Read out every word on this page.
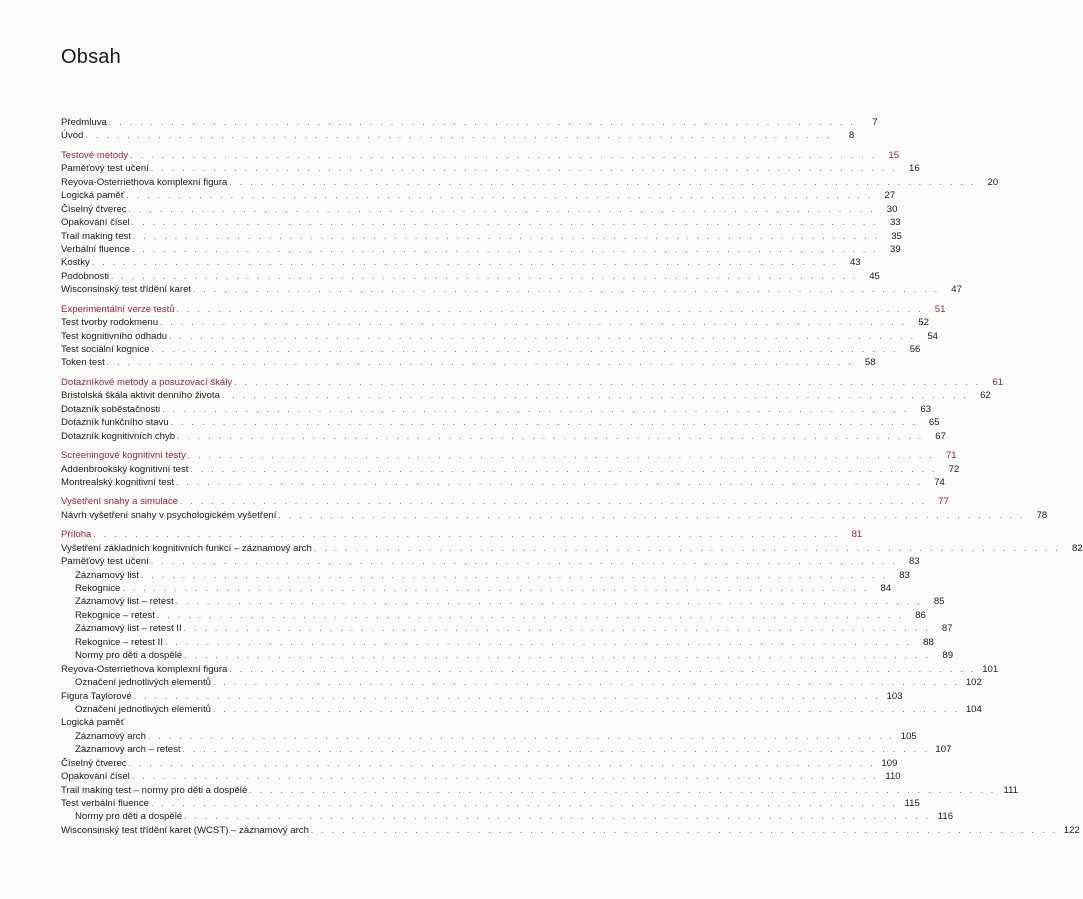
Obsah
Předmluva . . . . . . . . . . . . . . . . . . . . . . . . . . . . . . . . . . . . . . . . . . . . . . . . . . . . . . . . . . . . . . . . . . . . . . . .	7
Úvod . . . . . . . . . . . . . . . . . . . . . . . . . . . . . . . . . . . . . . . . . . . . . . . . . . . . . . . . . . . . . . . . . . . . . . . .	8
Testové metody . . . . . . . . . . . . . . . . . . . . . . . . . . . . . . . . . . . . . . . . . . . . . . . . . . . . . . . . . . . . . . . . . . . . . . . .	15
Paměťový test učení . . . . . . . . . . . . . . . . . . . . . . . . . . . . . . . . . . . . . . . . . . . . . . . . . . . . . . . . . . . . . . . . . . . . . . . .	16
Reyova-Osterriethova komplexní figura . . . . . . . . . . . . . . . . . . . . . . . . . . . . . . . . . . . . . . . . . . . . . . . . . . . . . . . . . . . . . . . . . . . . . . . .	20
Logická paměť . . . . . . . . . . . . . . . . . . . . . . . . . . . . . . . . . . . . . . . . . . . . . . . . . . . . . . . . . . . . . . . . . . . . . . . .	27
Číselný čtverec . . . . . . . . . . . . . . . . . . . . . . . . . . . . . . . . . . . . . . . . . . . . . . . . . . . . . . . . . . . . . . . . . . . . . . . .	30
Opakování čísel . . . . . . . . . . . . . . . . . . . . . . . . . . . . . . . . . . . . . . . . . . . . . . . . . . . . . . . . . . . . . . . . . . . . . . . .	33
Trail making test . . . . . . . . . . . . . . . . . . . . . . . . . . . . . . . . . . . . . . . . . . . . . . . . . . . . . . . . . . . . . . . . . . . . . . . .	35
Verbální fluence . . . . . . . . . . . . . . . . . . . . . . . . . . . . . . . . . . . . . . . . . . . . . . . . . . . . . . . . . . . . . . . . . . . . . . . .	39
Kostky . . . . . . . . . . . . . . . . . . . . . . . . . . . . . . . . . . . . . . . . . . . . . . . . . . . . . . . . . . . . . . . . . . . . . . . .	43
Podobnosti . . . . . . . . . . . . . . . . . . . . . . . . . . . . . . . . . . . . . . . . . . . . . . . . . . . . . . . . . . . . . . . . . . . . . . . .	45
Wisconsinský test třídění karet . . . . . . . . . . . . . . . . . . . . . . . . . . . . . . . . . . . . . . . . . . . . . . . . . . . . . . . . . . . . . . . . . . . . . . . .	47
Experimentální verze testů . . . . . . . . . . . . . . . . . . . . . . . . . . . . . . . . . . . . . . . . . . . . . . . . . . . . . . . . . . . . . . . . . . . . . . . .	51
Test tvorby rodokmenu . . . . . . . . . . . . . . . . . . . . . . . . . . . . . . . . . . . . . . . . . . . . . . . . . . . . . . . . . . . . . . . . . . . . . . . .	52
Test kognitivního odhadu . . . . . . . . . . . . . . . . . . . . . . . . . . . . . . . . . . . . . . . . . . . . . . . . . . . . . . . . . . . . . . . . . . . . . . . .	54
Test sociální kognice . . . . . . . . . . . . . . . . . . . . . . . . . . . . . . . . . . . . . . . . . . . . . . . . . . . . . . . . . . . . . . . . . . . . . . . .	56
Token test . . . . . . . . . . . . . . . . . . . . . . . . . . . . . . . . . . . . . . . . . . . . . . . . . . . . . . . . . . . . . . . . . . . . . . . .	58
Dotazníkové metody a posuzovací škály . . . . . . . . . . . . . . . . . . . . . . . . . . . . . . . . . . . . . . . . . . . . . . . . . . . . . . . . . . . . . . . . . . . . . . . .	61
Bristolská škála aktivit denního života . . . . . . . . . . . . . . . . . . . . . . . . . . . . . . . . . . . . . . . . . . . . . . . . . . . . . . . . . . . . . . . . . . . . . . . .	62
Dotazník soběstačnosti . . . . . . . . . . . . . . . . . . . . . . . . . . . . . . . . . . . . . . . . . . . . . . . . . . . . . . . . . . . . . . . . . . . . . . . .	63
Dotazník funkčního stavu . . . . . . . . . . . . . . . . . . . . . . . . . . . . . . . . . . . . . . . . . . . . . . . . . . . . . . . . . . . . . . . . . . . . . . . .	65
Dotazník kognitivních chyb . . . . . . . . . . . . . . . . . . . . . . . . . . . . . . . . . . . . . . . . . . . . . . . . . . . . . . . . . . . . . . . . . . . . . . . .	67
Screeningové kognitivní testy . . . . . . . . . . . . . . . . . . . . . . . . . . . . . . . . . . . . . . . . . . . . . . . . . . . . . . . . . . . . . . . . . . . . . . . .	71
Addenbrookský kognitivní test . . . . . . . . . . . . . . . . . . . . . . . . . . . . . . . . . . . . . . . . . . . . . . . . . . . . . . . . . . . . . . . . . . . . . . . .	72
Montrealský kognitivní test . . . . . . . . . . . . . . . . . . . . . . . . . . . . . . . . . . . . . . . . . . . . . . . . . . . . . . . . . . . . . . . . . . . . . . . .	74
Vyšetření snahy a simulace . . . . . . . . . . . . . . . . . . . . . . . . . . . . . . . . . . . . . . . . . . . . . . . . . . . . . . . . . . . . . . . . . . . . . . . .	77
Návrh vyšetření snahy v psychologickém vyšetření . . . . . . . . . . . . . . . . . . . . . . . . . . . . . . . . . . . . . . . . . . . . . . . . . . . . . . . . . . . . . . . . . . . . . . . .	78
Příloha . . . . . . . . . . . . . . . . . . . . . . . . . . . . . . . . . . . . . . . . . . . . . . . . . . . . . . . . . . . . . . . . . . . . . . . .	81
Vyšetření základních kognitivních funkcí – záznamový arch . . . . . . . . . . . . . . . . . . . . . . . . . . . . . . . . . . . . . . . . . . . . . . . . . . . . . . . . . . . . . . . . . . . . . . . .	82
Paměťový test učení . . . . . . . . . . . . . . . . . . . . . . . . . . . . . . . . . . . . . . . . . . . . . . . . . . . . . . . . . . . . . . . . . . . . . . . .	83
Záznamový list . . . . . . . . . . . . . . . . . . . . . . . . . . . . . . . . . . . . . . . . . . . . . . . . . . . . . . . . . . . . . . . . . . . . . . . .	83
Rekognice . . . . . . . . . . . . . . . . . . . . . . . . . . . . . . . . . . . . . . . . . . . . . . . . . . . . . . . . . . . . . . . . . . . . . . . .	84
Záznamový list – retest . . . . . . . . . . . . . . . . . . . . . . . . . . . . . . . . . . . . . . . . . . . . . . . . . . . . . . . . . . . . . . . . . . . . . . . .	85
Rekognice – retest . . . . . . . . . . . . . . . . . . . . . . . . . . . . . . . . . . . . . . . . . . . . . . . . . . . . . . . . . . . . . . . . . . . . . . . .	86
Záznamový list – retest II . . . . . . . . . . . . . . . . . . . . . . . . . . . . . . . . . . . . . . . . . . . . . . . . . . . . . . . . . . . . . . . . . . . . . . . .	87
Rekognice – retest II . . . . . . . . . . . . . . . . . . . . . . . . . . . . . . . . . . . . . . . . . . . . . . . . . . . . . . . . . . . . . . . . . . . . . . . .	88
Normy pro děti a dospělé . . . . . . . . . . . . . . . . . . . . . . . . . . . . . . . . . . . . . . . . . . . . . . . . . . . . . . . . . . . . . . . . . . . . . . . .	89
Reyova-Osterriethova komplexní figura . . . . . . . . . . . . . . . . . . . . . . . . . . . . . . . . . . . . . . . . . . . . . . . . . . . . . . . . . . . . . . . . . . . . . . . . 101
Označení jednotlivých elementů . . . . . . . . . . . . . . . . . . . . . . . . . . . . . . . . . . . . . . . . . . . . . . . . . . . . . . . . . . . . . . . . . . . . . . . . 102
Figura Taylorové . . . . . . . . . . . . . . . . . . . . . . . . . . . . . . . . . . . . . . . . . . . . . . . . . . . . . . . . . . . . . . . . . . . . . . . . 103
Označení jednotlivých elementů . . . . . . . . . . . . . . . . . . . . . . . . . . . . . . . . . . . . . . . . . . . . . . . . . . . . . . . . . . . . . . . . . . . . . . . . 104
Logická paměť
Záznamový arch . . . . . . . . . . . . . . . . . . . . . . . . . . . . . . . . . . . . . . . . . . . . . . . . . . . . . . . . . . . . . . . . . . . . . . . . 105
Záznamový arch – retest . . . . . . . . . . . . . . . . . . . . . . . . . . . . . . . . . . . . . . . . . . . . . . . . . . . . . . . . . . . . . . . . . . . . . . . . 107
Číselný čtverec . . . . . . . . . . . . . . . . . . . . . . . . . . . . . . . . . . . . . . . . . . . . . . . . . . . . . . . . . . . . . . . . . . . . . . . . 109
Opakování čísel . . . . . . . . . . . . . . . . . . . . . . . . . . . . . . . . . . . . . . . . . . . . . . . . . . . . . . . . . . . . . . . . . . . . . . . . 110
Trail making test – normy pro děti a dospělé . . . . . . . . . . . . . . . . . . . . . . . . . . . . . . . . . . . . . . . . . . . . . . . . . . . . . . . . . . . . . . . . . . . . . . . . 111
Test verbální fluence . . . . . . . . . . . . . . . . . . . . . . . . . . . . . . . . . . . . . . . . . . . . . . . . . . . . . . . . . . . . . . . . . . . . . . . . 115
Normy pro děti a dospělé . . . . . . . . . . . . . . . . . . . . . . . . . . . . . . . . . . . . . . . . . . . . . . . . . . . . . . . . . . . . . . . . . . . . . . . . 116
Wisconsinský test třídění karet (WCST) – záznamový arch . . . . . . . . . . . . . . . . . . . . . . . . . . . . . . . . . . . . . . . . . . . . . . . . . . . . . . . . . . . . . . . . . . . . . . . . 122
